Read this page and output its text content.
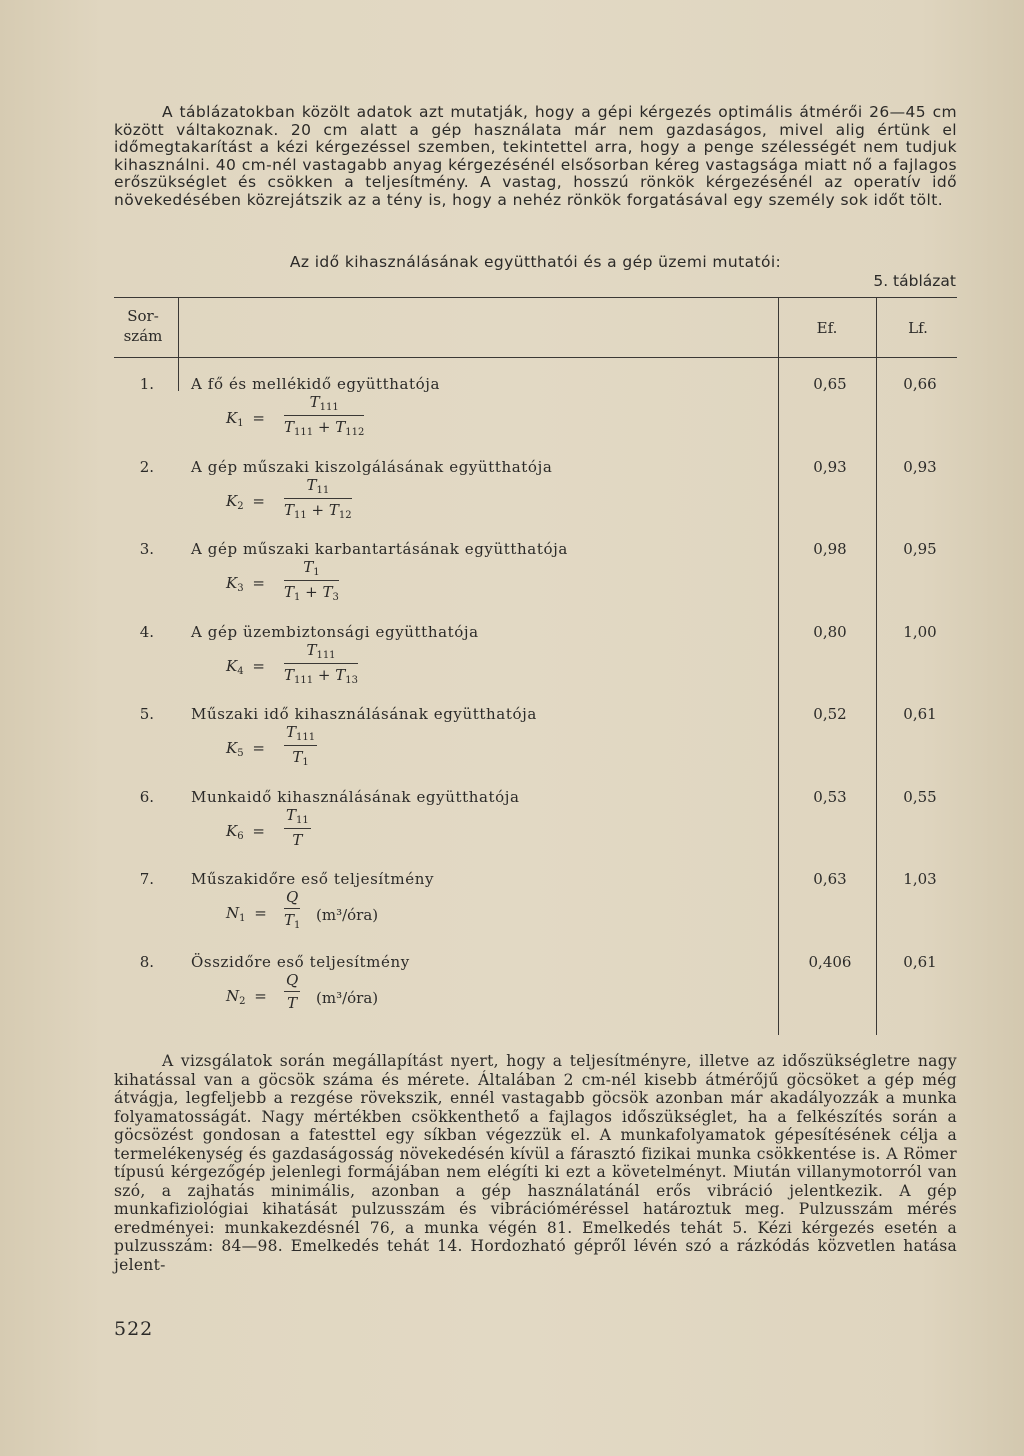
A táblázatokban közölt adatok azt mutatják, hogy a gépi kérgezés optimális átmérői 26—45 cm között váltakoznak. 20 cm alatt a gép használata már nem gazdaságos, mivel alig értünk el időmegtakarítást a kézi kérgezéssel szemben, tekintettel arra, hogy a penge szélességét nem tudjuk kihasználni. 40 cm-nél vastagabb anyag kérgezésénél elsősorban kéreg vastagsága miatt nő a fajlagos erőszükséglet és csökken a teljesítmény. A vastag, hosszú rönkök kérgezésénél az operatív idő növekedésében közrejátszik az a tény is, hogy a nehéz rönkök forgatásával egy személy sok időt tölt.
Az idő kihasználásának együtthatói és a gép üzemi mutatói:
5. táblázat
Sor-
szám	Ef.	Lf.
1. A fő és mellékidő együtthatója	0,65	0,66
$K_1$ =
$T_{111}$
$T_{111} + T_{112}$
2. A gép műszaki kiszolgálásának együtthatója	0,93	0,93
$K_2$ =
$T_{11}$
$T_{11} + T_{12}$
3. A gép műszaki karbantartásának együtthatója	0,98	0,95
$K_3$ =
$T_1$
$T_1 + T_3$
4. A gép üzembiztonsági együtthatója	0,80	1,00
$K_4$ =
$T_{111}$
$T_{111} + T_{13}$
5. Műszaki idő kihasználásának együtthatója	0,52	0,61
$K_5$ =
$T_{111}$
$T_1$
6. Munkaidő kihasználásának együtthatója	0,53	0,55
$K_6$ =
$T_{11}$
T
7. Műszakidőre eső teljesítmény	0,63	1,03
$N_1$ =
Q
$T_1$
(m³/óra)
8. Összidőre eső teljesítmény	0,406	0,61
$N_2$ =
Q
T (m³/óra)
A vizsgálatok során megállapítást nyert, hogy a teljesítményre, illetve az időszükségletre nagy kihatással van a göcsök száma és mérete. Általában 2 cm-nél kisebb átmérőjű göcsöket a gép még átvágja, legfeljebb a rezgése rövekszik, ennél vastagabb göcsök azonban már akadályozzák a munka folyamatosságát. Nagy mértékben csökkenthető a fajlagos időszükséglet, ha a felkészítés során a göcsözést gondosan a fatesttel egy síkban végezzük el. A munkafolyamatok gépesítésének célja a termelékenység és gazdaságosság növekedésén kívül a fárasztó fizikai munka csökkentése is. A Römer típusú kérgezőgép jelenlegi formájában nem elégíti ki ezt a követelményt. Miután villanymotorról van szó, a zajhatás minimális, azonban a gép használatánál erős vibráció jelentkezik. A gép munkafiziológiai kihatását pulzusszám és vibrációméréssel határoztuk meg. Pulzusszám mérés eredményei: munkakezdésnél 76, a munka végén 81. Emelkedés tehát 5. Kézi kérgezés esetén a pulzusszám: 84—98. Emelkedés tehát 14. Hordozható gépről lévén szó a rázkódás közvetlen hatása jelent-
522
